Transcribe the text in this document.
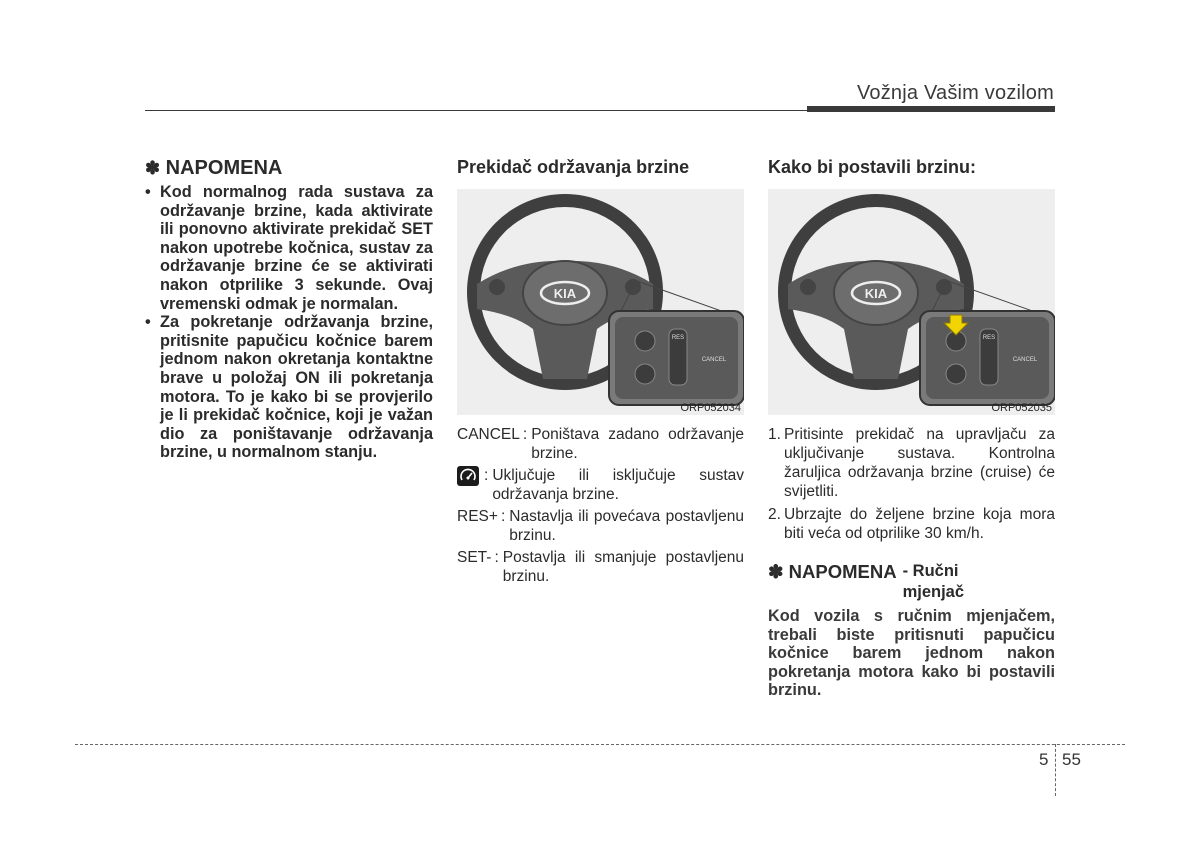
Vožnja Vašim vozilom

✽ NAPOMENA

• Kod normalnog rada sustava za održavanje brzine, kada aktivirate ili ponovno aktivirate prekidač SET nakon upotrebe kočnica, sustav za održavanje brzine će se aktivirati nakon otprilike 3 sekunde. Ovaj vremenski odmak je normalan.
• Za pokretanje održavanja brzine, pritisnite papučicu kočnice barem jednom nakon okretanja kontaktne brave u položaj ON ili pokretanja motora. To je kako bi se provjerilo je li prekidač kočnice, koji je važan dio za poništavanje održavanja brzine, u normalnom stanju.

Prekidač održavanja brzine

KIA
RES
CANCEL
ORP052034
CANCEL : Poništava zadano održavanje brzine.
: Uključuje ili isključuje sustav održavanja brzine.
RES+ : Nastavlja ili povećava postavljenu brzinu.
SET- : Postavlja ili smanjuje postavljenu brzinu.

Kako bi postavili brzinu:

KIA
RES
CANCEL
ORP052035
1. Pritisinte prekidač na upravljaču za uključivanje sustava. Kontrolna žaruljica održavanja brzine (cruise) će svijetliti.
2. Ubrzajte do željene brzine koja mora biti veća od otprilike 30 km/h.
✽ NAPOMENA - Ručni mjenjač
Kod vozila s ručnim mjenjačem, trebali biste pritisnuti papučicu kočnice barem jednom nakon pokretanja motora kako bi postavili brzinu.
5 55
